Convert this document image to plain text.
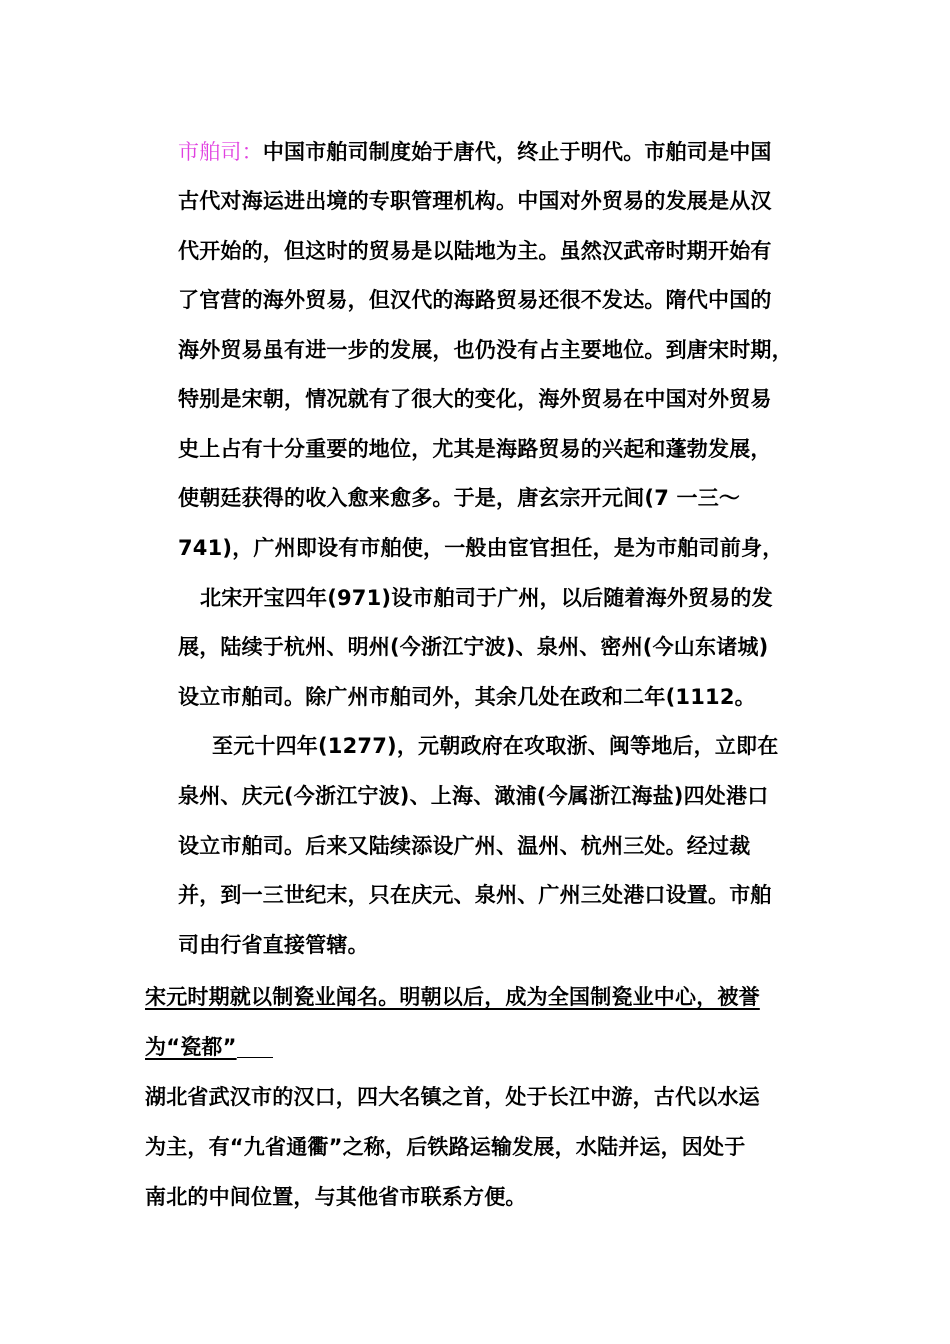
市舶司：中国市舶司制度始于唐代，终止于明代。市舶司是中国
古代对海运进出境的专职管理机构。中国对外贸易的发展是从汉
代开始的，但这时的贸易是以陆地为主。虽然汉武帝时期开始有
了官营的海外贸易，但汉代的海路贸易还很不发达。隋代中国的
海外贸易虽有进一步的发展，也仍没有占主要地位。到唐宋时期，
特别是宋朝，情况就有了很大的变化，海外贸易在中国对外贸易
史上占有十分重要的地位，尤其是海路贸易的兴起和蓬勃发展，
使朝廷获得的收入愈来愈多。于是，唐玄宗开元间(7 一三～
741)，广州即设有市舶使，一般由宦官担任，是为市舶司前身，
北宋开宝四年(971)设市舶司于广州，以后随着海外贸易的发
展，陆续于杭州、明州(今浙江宁波)、泉州、密州(今山东诸城)
设立市舶司。除广州市舶司外，其余几处在政和二年(1112。
至元十四年(1277)，元朝政府在攻取浙、闽等地后，立即在
泉州、庆元(今浙江宁波)、上海、澉浦(今属浙江海盐)四处港口
设立市舶司。后来又陆续添设广州、温州、杭州三处。经过裁
并，到一三世纪末，只在庆元、泉州、广州三处港口设置。市舶
司由行省直接管辖。
宋元时期就以制瓷业闻名。明朝以后，成为全国制瓷业中心，被誉
为“瓷都”
湖北省武汉市的汉口，四大名镇之首，处于长江中游，古代以水运
为主，有“九省通衢”之称，后铁路运输发展，水陆并运，因处于
南北的中间位置，与其他省市联系方便。
